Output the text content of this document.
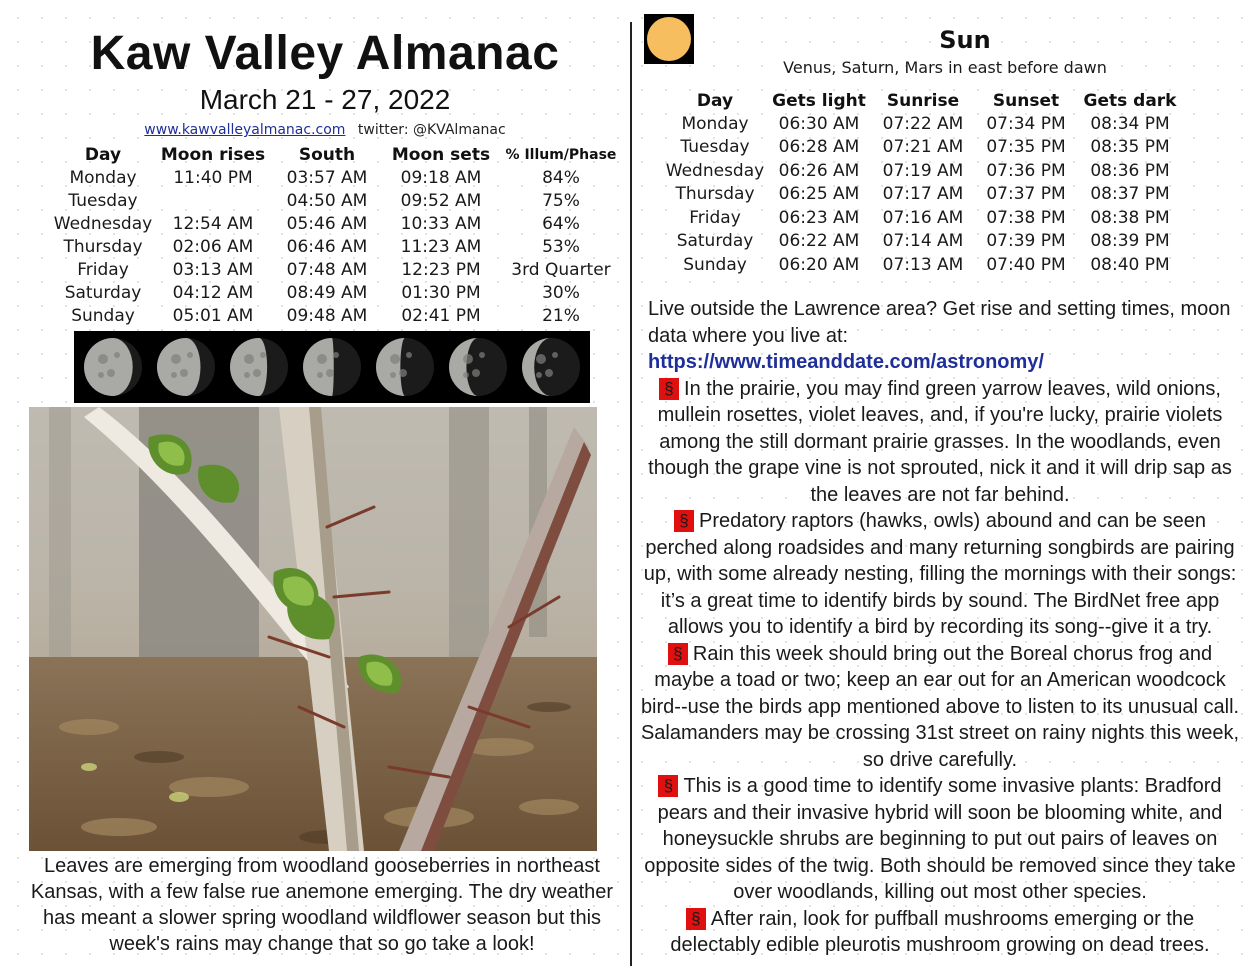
Kaw Valley Almanac
March 21 - 27, 2022
www.kawvalleyalmanac.com twitter: @KVAlmanac
Day	Moon rises	South	Moon sets	% Illum/Phase
Monday	11:40 PM	03:57 AM	09:18 AM	84%
Tuesday		04:50 AM	09:52 AM	75%
Wednesday	12:54 AM	05:46 AM	10:33 AM	64%
Thursday	02:06 AM	06:46 AM	11:23 AM	53%
Friday	03:13 AM	07:48 AM	12:23 PM	3rd Quarter
Saturday	04:12 AM	08:49 AM	01:30 PM	30%
Sunday	05:01 AM	09:48 AM	02:41 PM	21%
Leaves are emerging from woodland gooseberries in northeast Kansas, with a few false rue anemone emerging. The dry weather has meant a slower spring woodland wildflower season but this week's rains may change that so go take a look!
Sun
Venus, Saturn, Mars in east before dawn
Day	Gets light	Sunrise	Sunset	Gets dark
Monday	06:30 AM	07:22 AM	07:34 PM	08:34 PM
Tuesday	06:28 AM	07:21 AM	07:35 PM	08:35 PM
Wednesday	06:26 AM	07:19 AM	07:36 PM	08:36 PM
Thursday	06:25 AM	07:17 AM	07:37 PM	08:37 PM
Friday	06:23 AM	07:16 AM	07:38 PM	08:38 PM
Saturday	06:22 AM	07:14 AM	07:39 PM	08:39 PM
Sunday	06:20 AM	07:13 AM	07:40 PM	08:40 PM

Live outside the Lawrence area? Get rise and setting times, moon data where you live at: https://www.timeanddate.com/astronomy/

§ In the prairie, you may find green yarrow leaves, wild onions, mullein rosettes, violet leaves, and, if you're lucky, prairie violets among the still dormant prairie grasses. In the woodlands, even though the grape vine is not sprouted, nick it and it will drip sap as the leaves are not far behind.

§ Predatory raptors (hawks, owls) abound and can be seen perched along roadsides and many returning songbirds are pairing up, with some already nesting, filling the mornings with their songs: it’s a great time to identify birds by sound. The BirdNet free app allows you to identify a bird by recording its song--give it a try.

§ Rain this week should bring out the Boreal chorus frog and maybe a toad or two; keep an ear out for an American woodcock bird--use the birds app mentioned above to listen to its unusual call. Salamanders may be crossing 31st street on rainy nights this week, so drive carefully.

§ This is a good time to identify some invasive plants: Bradford pears and their invasive hybrid will soon be blooming white, and honeysuckle shrubs are beginning to put out pairs of leaves on opposite sides of the twig. Both should be removed since they take over woodlands, killing out most other species.

§ After rain, look for puffball mushrooms emerging or the delectably edible pleurotis mushroom growing on dead trees.
